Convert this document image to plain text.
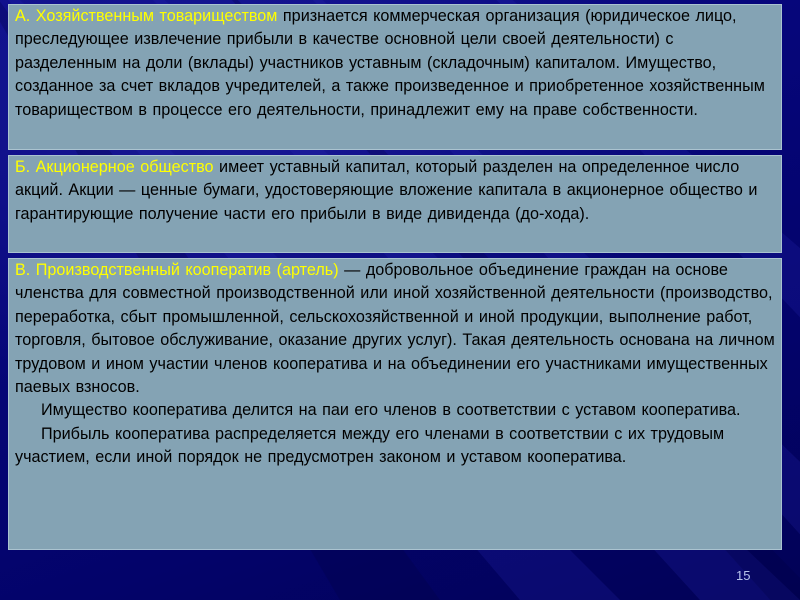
А. Хозяйственным товариществом признается коммерческая организация (юридическое лицо, преследующее извлечение прибыли в качестве основной цели своей деятельности) с разделенным на доли (вклады) участников уставным (складочным) капиталом. Имущество, созданное за счет вкладов учредителей, а также произведенное и приобретенное хозяйственным товариществом в процессе его деятельности, принадлежит ему на праве собственности.

Б. Акционерное общество имеет уставный капитал, который разделен на определенное число акций. Акции — ценные бумаги, удостоверяющие вложение капитала в акционерное общество и гарантирующие получение части его прибыли в виде дивиденда (до-хода).

В. Производственный кооператив (артель) — добровольное объединение граждан на основе членства для совместной производственной или иной хозяйственной деятельности (производство, переработка, сбыт промышленной, сельскохозяйственной и иной продукции, выполнение работ, торговля, бытовое обслуживание, оказание других услуг). Такая деятельность основана на личном трудовом и ином участии членов кооператива и на объединении его участниками имущественных паевых взносов.

Имущество кооператива делится на паи его членов в соответствии с уставом кооператива.

Прибыль кооператива распределяется между его членами в соответствии с их трудовым участием, если иной порядок не предусмотрен законом и уставом кооператива.

15
